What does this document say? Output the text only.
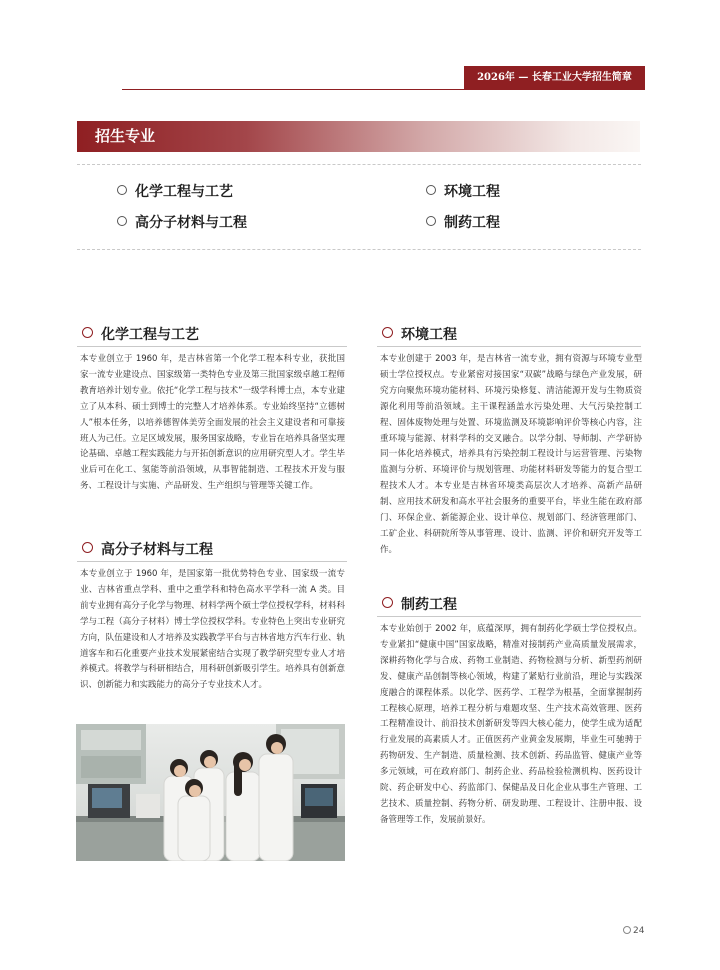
2026年 — 长春工业大学招生简章
招生专业
化学工程与工艺	环境工程
高分子材料与工程	制药工程
化学工程与工艺
本专业创立于 1960 年，是吉林省第一个化学工程本科专业，获批国家一流专业建设点、国家级第一类特色专业及第三批国家级卓越工程师教育培养计划专业。依托“化学工程与技术”一级学科博士点，本专业建立了从本科、硕士到博士的完整人才培养体系。专业始终坚持“立德树人”根本任务，以培养德智体美劳全面发展的社会主义建设者和可靠接班人为己任。立足区域发展，服务国家战略，专业旨在培养具备坚实理论基础、卓越工程实践能力与开拓创新意识的应用研究型人才。学生毕业后可在化工、氢能等前沿领域，从事智能制造、工程技术开发与服务、工程设计与实施、产品研发、生产组织与管理等关键工作。
高分子材料与工程
本专业创立于 1960 年，是国家第一批优势特色专业、国家级一流专业、吉林省重点学科、重中之重学科和特色高水平学科一流 A 类。目前专业拥有高分子化学与物理、材料学两个硕士学位授权学科，材料科学与工程（高分子材料）博士学位授权学科。专业特色上突出专业研究方向，队伍建设和人才培养及实践教学平台与吉林省地方汽车行业、轨道客车和石化重要产业技术发展紧密结合实现了教学研究型专业人才培养模式。将教学与科研相结合，用科研创新吸引学生。培养具有创新意识、创新能力和实践能力的高分子专业技术人才。
环境工程
本专业创建于 2003 年，是吉林省一流专业，拥有资源与环境专业型硕士学位授权点。专业紧密对接国家“双碳”战略与绿色产业发展，研究方向聚焦环境功能材料、环境污染修复、清洁能源开发与生物质资源化利用等前沿领域。主干课程涵盖水污染处理、大气污染控制工程、固体废物处理与处置、环境监测及环境影响评价等核心内容，注重环境与能源、材料学科的交叉融合。以学分制、导师制、产学研协同一体化培养模式，培养具有污染控制工程设计与运营管理、污染物监测与分析、环境评价与规划管理、功能材料研发等能力的复合型工程技术人才。本专业是吉林省环境类高层次人才培养、高新产品研制、应用技术研发和高水平社会服务的重要平台，毕业生能在政府部门、环保企业、新能源企业、设计单位、规划部门、经济管理部门、工矿企业、科研院所等从事管理、设计、监测、评价和研究开发等工作。
制药工程
本专业始创于 2002 年，底蕴深厚，拥有制药化学硕士学位授权点。专业紧扣“健康中国”国家战略，精准对接制药产业高质量发展需求，深耕药物化学与合成、药物工业制造、药物检测与分析、新型药剂研发、健康产品创制等核心领域，构建了紧贴行业前沿，理论与实践深度融合的课程体系。以化学、医药学、工程学为根基，全面掌握制药工程核心原理，培养工程分析与难题攻坚、生产技术高效管理、医药工程精准设计、前沿技术创新研发等四大核心能力，使学生成为适配行业发展的高素质人才。正值医药产业黄金发展期，毕业生可驰骋于药物研发、生产制造、质量检测、技术创新、药品监管、健康产业等多元领域，可在政府部门、制药企业、药品检验检测机构、医药设计院、药企研发中心、药监部门、保健品及日化企业从事生产管理、工艺技术、质量控制、药物分析、研发助理、工程设计、注册申报、设备管理等工作，发展前景好。
24
